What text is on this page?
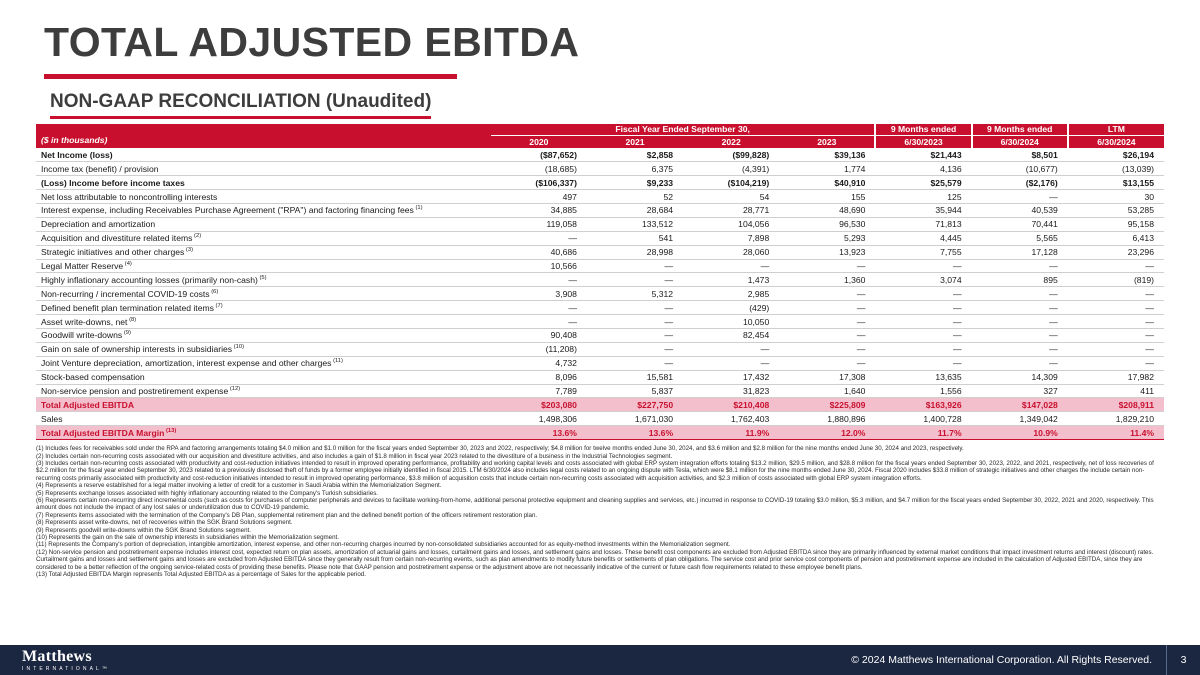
TOTAL ADJUSTED EBITDA
NON-GAAP RECONCILIATION (Unaudited)
($ in thousands)	Fiscal Year Ended September 30,				9 Months ended	9 Months ended	LTM
	2020	2021	2022	2023	6/30/2023	6/30/2024	6/30/2024
Net Income (loss)	($87,652)	$2,858	($99,828)	$39,136	$21,443	$8,501	$26,194
Income tax (benefit) / provision	(18,685)	6,375	(4,391)	1,774	4,136	(10,677)	(13,039)
(Loss) Income before income taxes	($106,337)	$9,233	($104,219)	$40,910	$25,579	($2,176)	$13,155
Net loss attributable to noncontrolling interests	497	52	54	155	125	—	30
Interest expense, including Receivables Purchase Agreement ("RPA") and factoring financing fees $^{(1)}$	34,885	28,684	28,771	48,690	35,944	40,539	53,285
Depreciation and amortization	119,058	133,512	104,056	96,530	71,813	70,441	95,158
Acquisition and divestiture related items $^{(2)}$	—	541	7,898	5,293	4,445	5,565	6,413
Strategic initiatives and other charges $^{(3)}$	40,686	28,998	28,060	13,923	7,755	17,128	23,296
Legal Matter Reserve $^{(4)}$	10,566	—	—	—	—	—	—
Highly inflationary accounting losses (primarily non-cash) $^{(5)}$	—	—	1,473	1,360	3,074	895	(819)
Non-recurring / incremental COVID-19 costs $^{(6)}$	3,908	5,312	2,985	—	—	—	—
Defined benefit plan termination related items $^{(7)}$	—	—	(429)	—	—	—	—
Asset write-downs, net $^{(8)}$	—	—	10,050	—	—	—	—
Goodwill write-downs $^{(9)}$	90,408	—	82,454	—	—	—	—
Gain on sale of ownership interests in subsidiaries $^{(10)}$	(11,208)	—	—	—	—	—	—
Joint Venture depreciation, amortization, interest expense and other charges $^{(11)}$	4,732	—	—	—	—	—	—
Stock-based compensation	8,096	15,581	17,432	17,308	13,635	14,309	17,982
Non-service pension and postretirement expense $^{(12)}$	7,789	5,837	31,823	1,640	1,556	327	411
Total Adjusted EBITDA	$203,080	$227,750	$210,408	$225,809	$163,926	$147,028	$208,911
Sales	1,498,306	1,671,030	1,762,403	1,880,896	1,400,728	1,349,042	1,829,210
Total Adjusted EBITDA Margin $^{(13)}$	13.6%	13.6%	11.9%	12.0%	11.7%	10.9%	11.4%
(1) Includes fees for receivables sold under the RPA and factoring arrangements totaling $4.0 million and $1.0 million for the fiscal years ended September 30, 2023 and 2022, respectively; $4.8 million for twelve months ended June 30, 2024, and $3.6 million and $2.8 million for the nine months ended June 30, 2024 and 2023, respectively.
(2) Includes certain non-recurring costs associated with our acquisition and divestiture activities, and also includes a gain of $1.8 million in fiscal year 2023 related to the divestiture of a business in the Industrial Technologies segment.
(3) Includes certain non-recurring costs associated with productivity and cost-reduction initiatives intended to result in improved operating performance, profitability and working capital levels and costs associated with global ERP system integration efforts totaling $13.2 million, $29.5 million, and $28.8 million for the fiscal years ended September 30, 2023, 2022, and 2021, respectively, net of loss recoveries of $2.2 million for the fiscal year ended September 30, 2023 related to a previously disclosed theft of funds by a former employee initially identified in fiscal 2015. LTM 6/30/2024 also includes legal costs related to an ongoing dispute with Tesla, which were $8.1 million for the nine months ended June 30, 2024. Fiscal 2020 includes $33.8 million of strategic initiatives and other charges the include certain non-recurring costs primarily associated with productivity and cost-reduction initiatives intended to result in improved operating performance, $3.8 million of acquisition costs that include certain non-recurring costs associated with acquisition activities, and $2.3 million of costs associated with global ERP system integration efforts.
(4) Represents a reserve established for a legal matter involving a letter of credit for a customer in Saudi Arabia within the Memorialization Segment.
(5) Represents exchange losses associated with highly inflationary accounting related to the Company's Turkish subsidiaries.
(6) Represents certain non-recurring direct incremental costs (such as costs for purchases of computer peripherals and devices to facilitate working-from-home, additional personal protective equipment and cleaning supplies and services, etc.) incurred in response to COVID-19 totaling $3.0 million, $5.3 million, and $4.7 million for the fiscal years ended September 30, 2022, 2021 and 2020, respectively. This amount does not include the impact of any lost sales or underutilization due to COVID-19 pandemic.
(7) Represents items associated with the termination of the Company's DB Plan, supplemental retirement plan and the defined benefit portion of the officers retirement restoration plan.
(8) Represents asset write-downs, net of recoveries within the SGK Brand Solutions segment.
(9) Represents goodwill write-downs within the SGK Brand Solutions segment.
(10) Represents the gain on the sale of ownership interests in subsidiaries within the Memorialization segment.
(11) Represents the Company's portion of depreciation, intangible amortization, interest expense, and other non-recurring charges incurred by non-consolidated subsidiaries accounted for as equity-method investments within the Memorialization segment.
(12) Non-service pension and postretirement expense includes interest cost, expected return on plan assets, amortization of actuarial gains and losses, curtailment gains and losses, and settlement gains and losses. These benefit cost components are excluded from Adjusted EBITDA since they are primarily influenced by external market conditions that impact investment returns and interest (discount) rates. Curtailment gains and losses and settlement gains and losses are excluded from Adjusted EBITDA since they generally result from certain non-recurring events, such as plan amendments to modify future benefits or settlements of plan obligations. The service cost and prior service cost components of pension and postretirement expense are included in the calculation of Adjusted EBITDA, since they are considered to be a better reflection of the ongoing service-related costs of providing these benefits. Please note that GAAP pension and postretirement expense or the adjustment above are not necessarily indicative of the current or future cash flow requirements related to these employee benefit plans.
(13) Total Adjusted EBITDA Margin represents Total Adjusted EBITDA as a percentage of Sales for the applicable period.
Matthews
INTERNATIONAL™
© 2024 Matthews International Corporation. All Rights Reserved.	3
